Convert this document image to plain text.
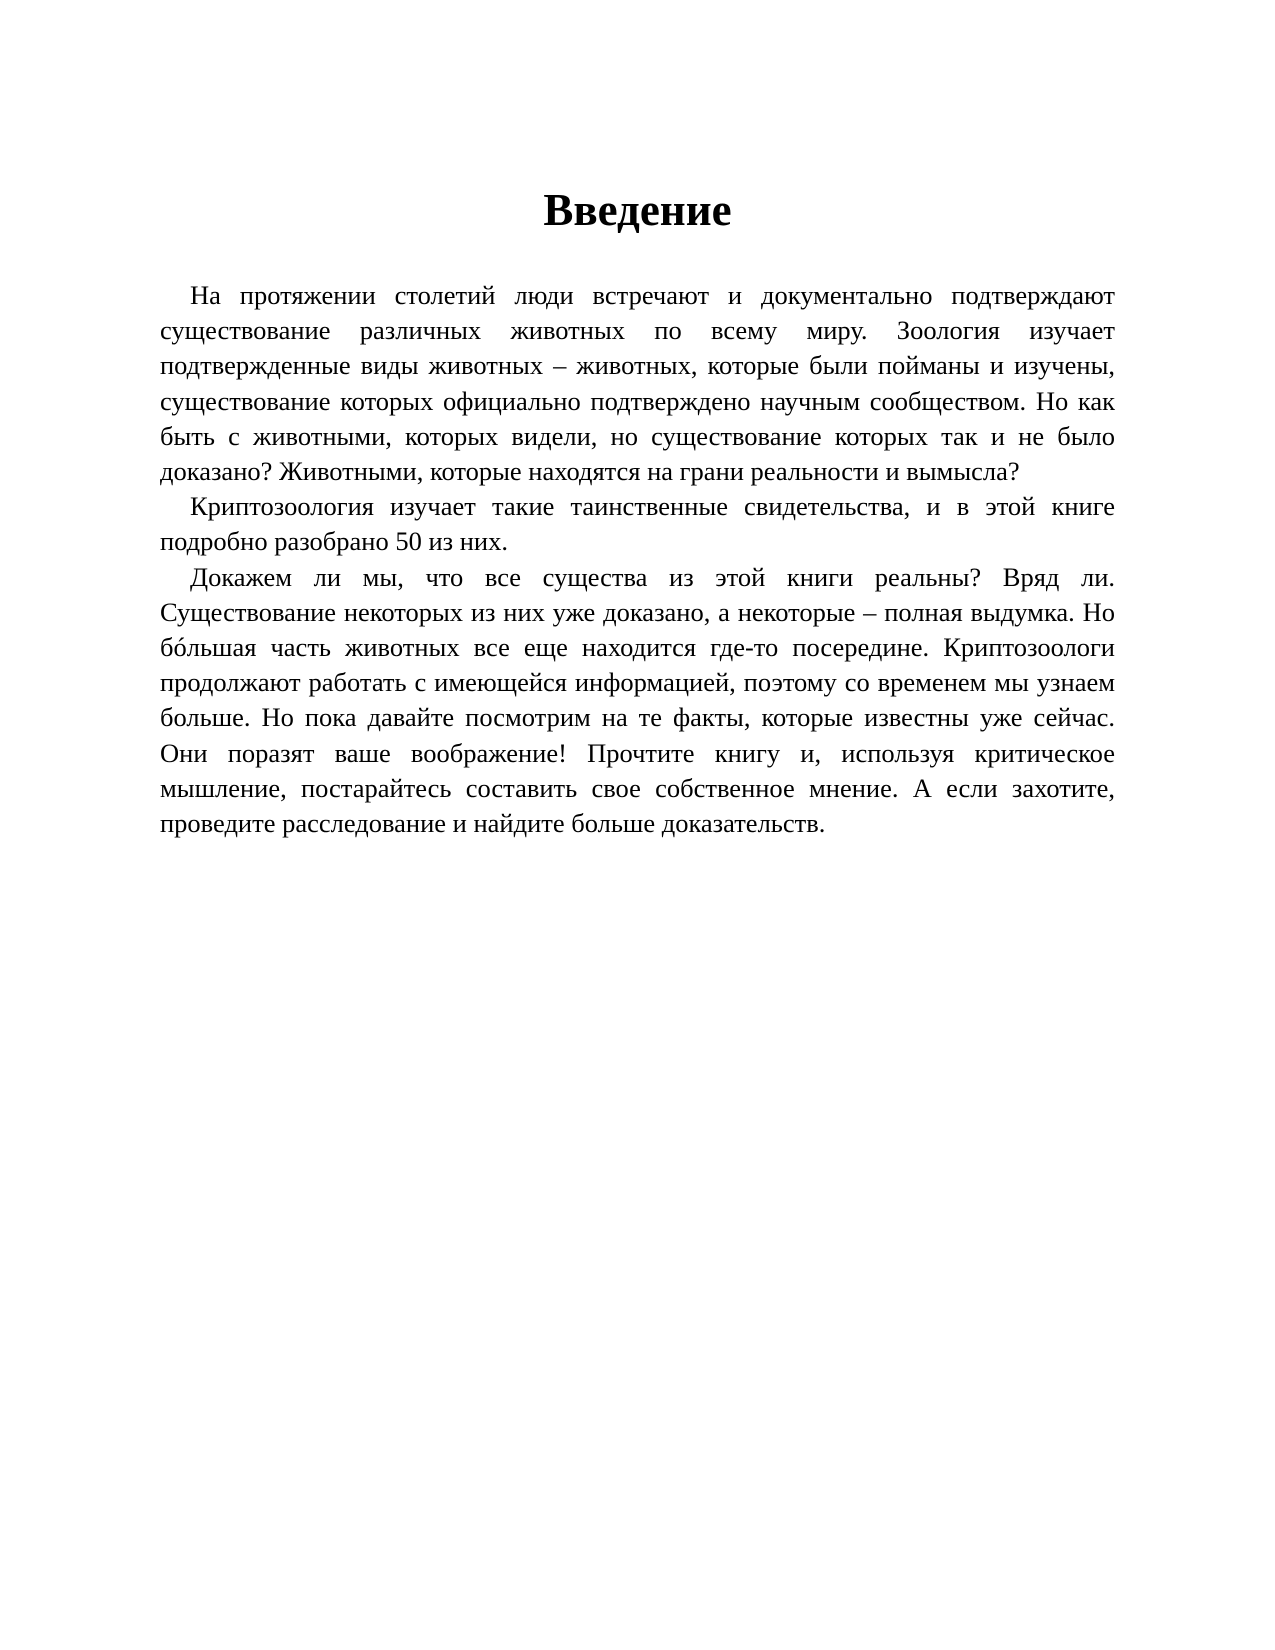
Введение

На протяжении столетий люди встречают и документально подтверждают существование различных животных по всему миру. Зоология изучает подтвержденные виды животных – животных, которые были пойманы и изучены, существование которых официально подтверждено научным сообществом. Но как быть с животными, которых видели, но существование которых так и не было доказано? Животными, которые находятся на грани реальности и вымысла?

Криптозоология изучает такие таинственные свидетельства, и в этой книге подробно разобрано 50 из них.

Докажем ли мы, что все существа из этой книги реальны? Вряд ли. Существование некоторых из них уже доказано, а некоторые – полная выдумка. Но бóльшая часть животных все еще находится где-то посередине. Криптозоологи продолжают работать с имеющейся информацией, поэтому со временем мы узнаем больше. Но пока давайте посмотрим на те факты, которые известны уже сейчас. Они поразят ваше воображение! Прочтите книгу и, используя критическое мышление, постарайтесь составить свое собственное мнение. А если захотите, проведите расследование и найдите больше доказательств.
